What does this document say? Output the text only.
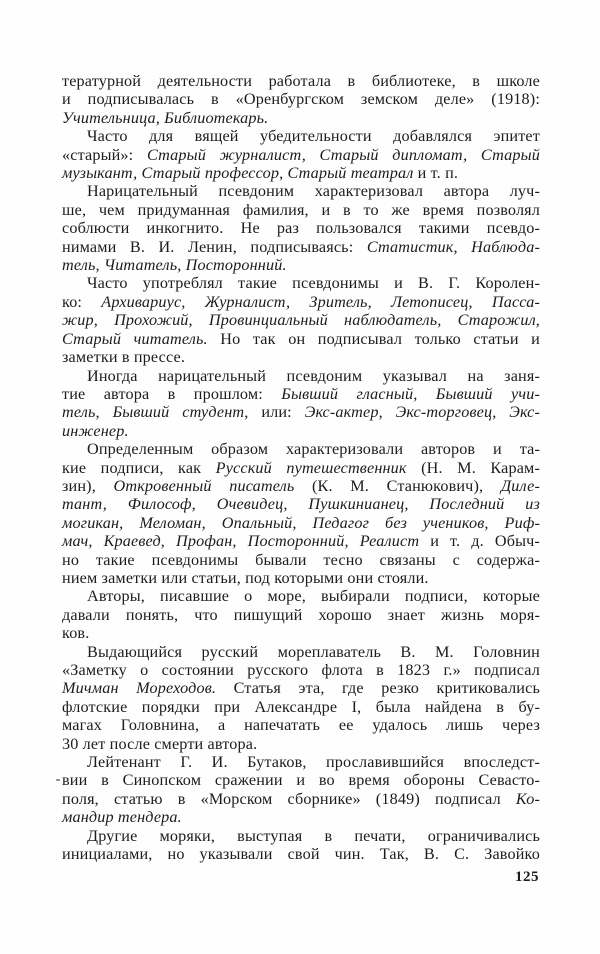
тературной деятельности работала в библиотеке, в школе
и подписывалась в «Оренбургском земском деле» (1918):
Учительница, Библиотекарь.
Часто для вящей убедительности добавлялся эпитет
«старый»: Старый журналист, Старый дипломат, Старый
музыкант, Старый профессор, Старый театрал и т. п.
Нарицательный псевдоним характеризовал автора луч-
ше, чем придуманная фамилия, и в то же время позволял
соблюсти инкогнито. Не раз пользовался такими псевдо-
нимами В. И. Ленин, подписываясь: Статистик, Наблюда-
тель, Читатель, Посторонний.
Часто употреблял такие псевдонимы и В. Г. Королен-
ко: Архивариус, Журналист, Зритель, Летописец, Пасса-
жир, Прохожий, Провинциальный наблюдатель, Старожил,
Старый читатель. Но так он подписывал только статьи и
заметки в прессе.
Иногда нарицательный псевдоним указывал на заня-
тие автора в прошлом: Бывший гласный, Бывший учи-
тель, Бывший студент, или: Экс-актер, Экс-торговец, Экс-
инженер.
Определенным образом характеризовали авторов и та-
кие подписи, как Русский путешественник (Н. М. Карам-
зин), Откровенный писатель (К. М. Станюкович), Диле-
тант, Философ, Очевидец, Пушкинианец, Последний из
могикан, Меломан, Опальный, Педагог без учеников, Риф-
мач, Краевед, Профан, Посторонний, Реалист и т. д. Обыч-
но такие псевдонимы бывали тесно связаны с содержа-
нием заметки или статьи, под которыми они стояли.
Авторы, писавшие о море, выбирали подписи, которые
давали понять, что пишущий хорошо знает жизнь моря-
ков.
Выдающийся русский мореплаватель В. М. Головнин
«Заметку о состоянии русского флота в 1823 г.» подписал
Мичман Мореходов. Статья эта, где резко критиковались
флотские порядки при Александре I, была найдена в бу-
магах Головнина, а напечатать ее удалось лишь через
30 лет после смерти автора.
Лейтенант Г. И. Бутаков, прославившийся впоследст-
вии в Синопском сражении и во время обороны Севасто-
поля, статью в «Морском сборнике» (1849) подписал Ко-
мандир тендера.
Другие моряки, выступая в печати, ограничивались
инициалами, но указывали свой чин. Так, В. С. Завойко
125
